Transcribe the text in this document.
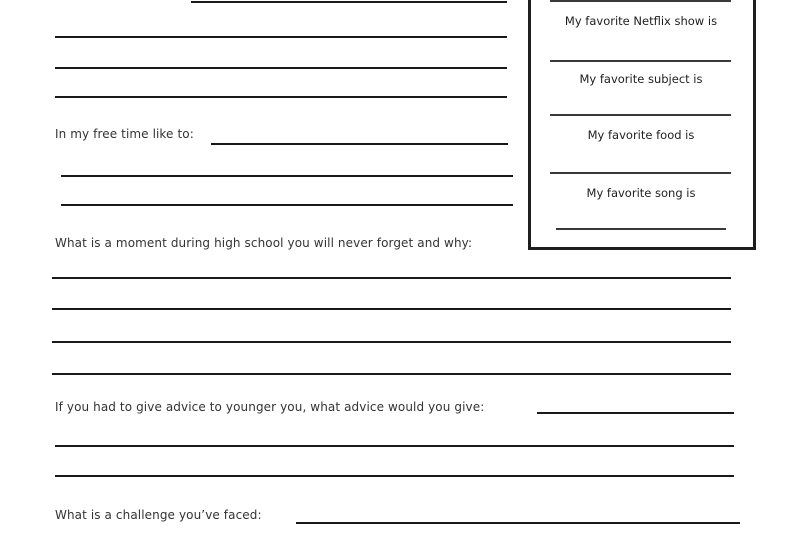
In my free time like to:
My favorite Netflix show is
My favorite subject is
My favorite food is
My favorite song is
What is a moment during high school you will never forget and why:
If you had to give advice to younger you, what advice would you give:
What is a challenge you’ve faced:
